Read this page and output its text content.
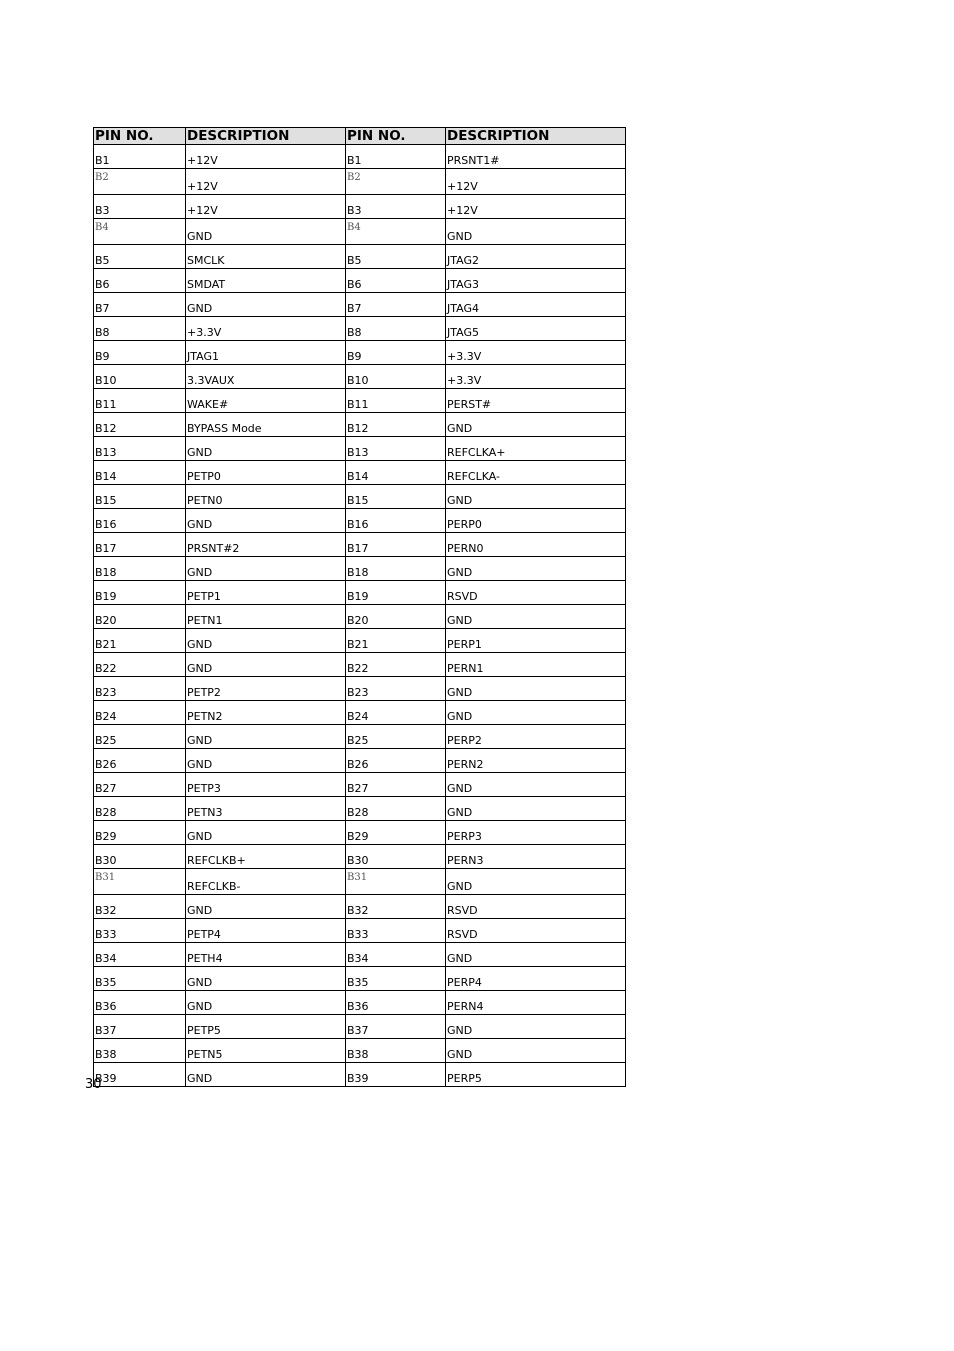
PIN NO.	DESCRIPTION	PIN NO.	DESCRIPTION
B1	+12V	B1	PRSNT1#
B2	+12V	B2	+12V
B3	+12V	B3	+12V
B4	GND	B4	GND
B5	SMCLK	B5	JTAG2
B6	SMDAT	B6	JTAG3
B7	GND	B7	JTAG4
B8	+3.3V	B8	JTAG5
B9	JTAG1	B9	+3.3V
B10	3.3VAUX	B10	+3.3V
B11	WAKE#	B11	PERST#
B12	BYPASS Mode	B12	GND
B13	GND	B13	REFCLKA+
B14	PETP0	B14	REFCLKA-
B15	PETN0	B15	GND
B16	GND	B16	PERP0
B17	PRSNT#2	B17	PERN0
B18	GND	B18	GND
B19	PETP1	B19	RSVD
B20	PETN1	B20	GND
B21	GND	B21	PERP1
B22	GND	B22	PERN1
B23	PETP2	B23	GND
B24	PETN2	B24	GND
B25	GND	B25	PERP2
B26	GND	B26	PERN2
B27	PETP3	B27	GND
B28	PETN3	B28	GND
B29	GND	B29	PERP3
B30	REFCLKB+	B30	PERN3
B31	REFCLKB-	B31	GND
B32	GND	B32	RSVD
B33	PETP4	B33	RSVD
B34	PETH4	B34	GND
B35	GND	B35	PERP4
B36	GND	B36	PERN4
B37	PETP5	B37	GND
B38	PETN5	B38	GND
B39	GND	B39	PERP5
30
